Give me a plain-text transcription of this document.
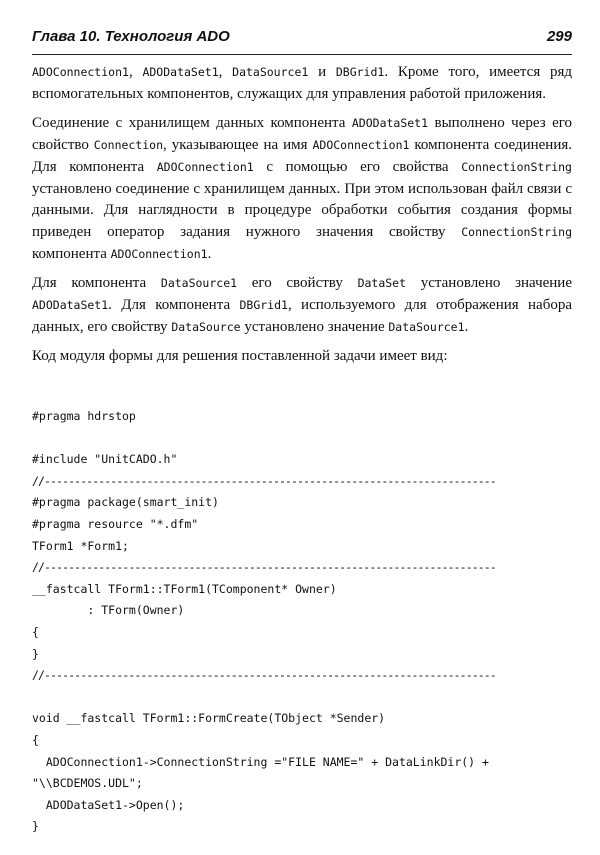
Глава 10. Технология ADO	299

ADOConnection1, ADODataSet1, DataSource1 и DBGrid1. Кроме того, имеется ряд вспомогательных компонентов, служащих для управления работой приложения.

Соединение с хранилищем данных компонента ADODataSet1 выполнено через его свойство Connection, указывающее на имя ADOConnection1 компонента соединения. Для компонента ADOConnection1 с помощью его свойства ConnectionString установлено соединение с хранилищем данных. При этом использован файл связи с данными. Для наглядности в процедуре обработки события создания формы приведен оператор задания нужного значения свойству ConnectionString компонента ADOConnection1.

Для компонента DataSource1 его свойству DataSet установлено значение ADODataSet1. Для компонента DBGrid1, используемого для отображения набора данных, его свойству DataSource установлено значение DataSource1.

Код модуля формы для решения поставленной задачи имеет вид:

#pragma hdrstop
#include "UnitCADO.h"
//---------------------------------------------------------------------------
#pragma package(smart_init)
#pragma resource "*.dfm"
TForm1 *Form1;
//---------------------------------------------------------------------------
__fastcall TForm1::TForm1(TComponent* Owner)
: TForm(Owner)
{
}
//---------------------------------------------------------------------------
void __fastcall TForm1::FormCreate(TObject *Sender)
{
ADOConnection1->ConnectionString ="FILE NAME=" + DataLinkDir() +
"\\BCDEMOS.UDL";
ADODataSet1->Open();
}
